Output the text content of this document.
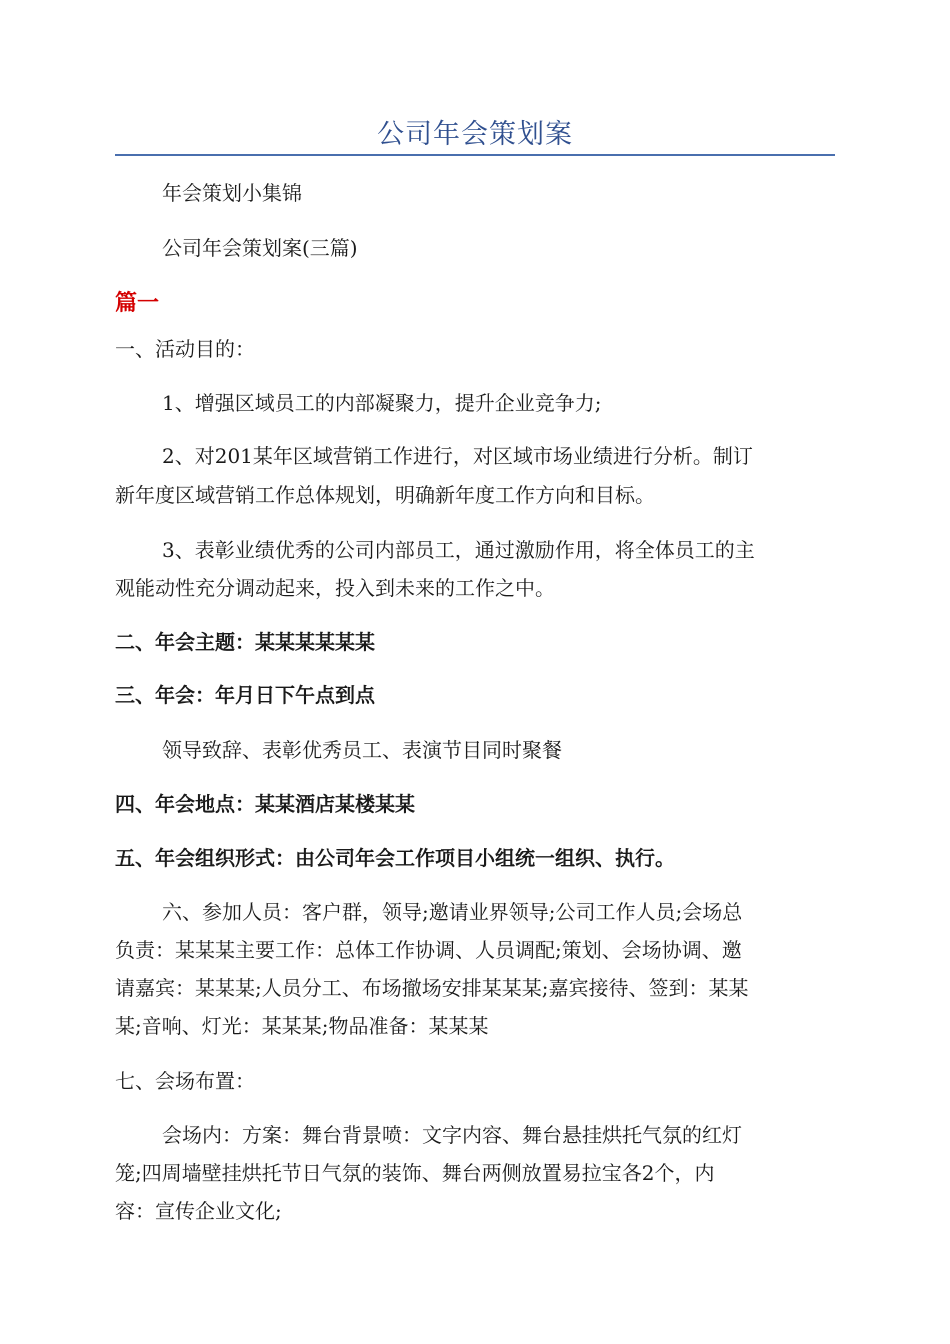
公司年会策划案
年会策划小集锦
公司年会策划案(三篇)
篇一
一、活动目的：
1、增强区域员工的内部凝聚力，提升企业竞争力;
2、对201某年区域营销工作进行，对区域市场业绩进行分析。制订
新年度区域营销工作总体规划，明确新年度工作方向和目标。
3、表彰业绩优秀的公司内部员工，通过激励作用，将全体员工的主
观能动性充分调动起来，投入到未来的工作之中。
二、年会主题：某某某某某某
三、年会：年月日下午点到点
领导致辞、表彰优秀员工、表演节目同时聚餐
四、年会地点：某某酒店某楼某某
五、年会组织形式：由公司年会工作项目小组统一组织、执行。
六、参加人员：客户群，领导;邀请业界领导;公司工作人员;会场总
负责：某某某主要工作：总体工作协调、人员调配;策划、会场协调、邀
请嘉宾：某某某;人员分工、布场撤场安排某某某;嘉宾接待、签到：某某
某;音响、灯光：某某某;物品准备：某某某
七、会场布置：
会场内：方案：舞台背景喷：文字内容、舞台悬挂烘托气氛的红灯
笼;四周墙壁挂烘托节日气氛的装饰、舞台两侧放置易拉宝各2个，内
容：宣传企业文化;
